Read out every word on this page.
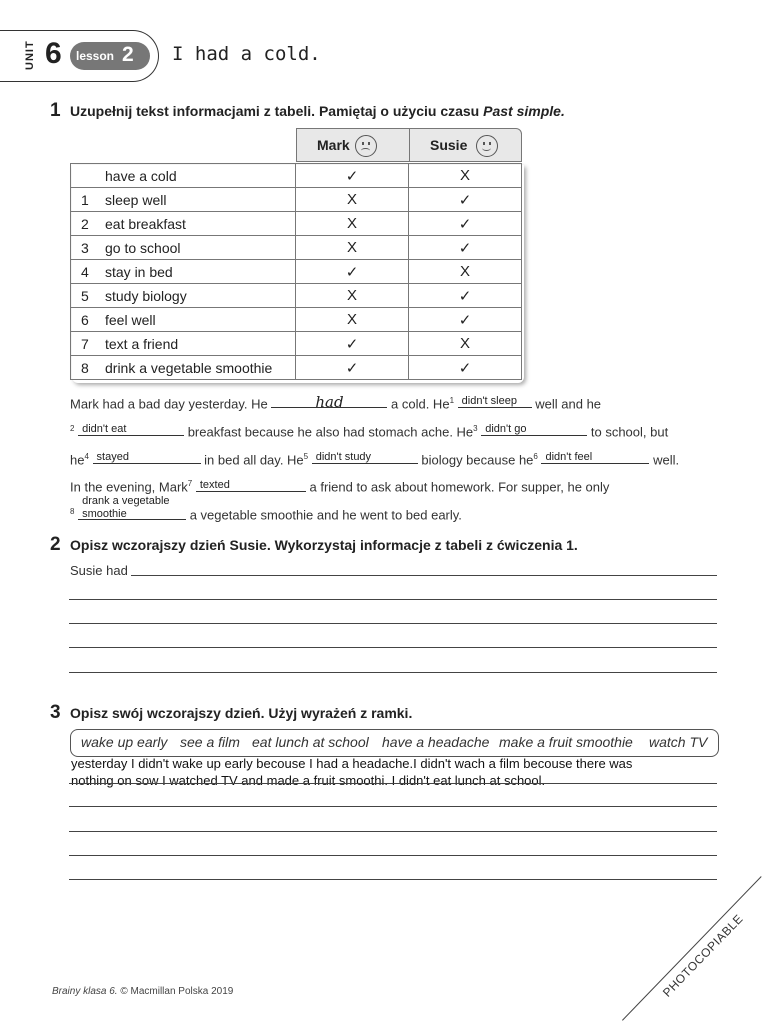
UNIT 6 lesson 2 I had a cold.
1 Uzupełnij tekst informacjami z tabeli. Pamiętaj o użyciu czasu Past simple.
Mark	Susie
	have a cold	✓	X
1	sleep well	X	✓
2	eat breakfast	X	✓
3	go to school	X	✓
4	stay in bed	✓	X
5	study biology	X	✓
6	feel well	X	✓
7	text a friend	✓	X
8	drink a vegetable smoothie	✓	✓
Mark had a bad day yesterday. He	had	a cold. He$^1$ didn't sleep well and he
$^2$ didn't eat	breakfast because he also had stomach ache. He$^3$ didn't go	to school, but
$he^4$ stayed	in bed all day. He$^5$ didn't study	biology because $he^6$ didn't feel	well.
In the evening, Mark$^7$ texted	a friend to ask about homework. For supper, he only
$^8$
drank a vegetable
smoothie	a vegetable smoothie and he went to bed early.
2 Opisz wczorajszy dzień Susie. Wykorzystaj informacje z tabeli z ćwiczenia 1.
Susie had
3 Opisz swój wczorajszy dzień. Użyj wyrażeń z ramki.
wake up early see a film eat lunch at school have a headache make a fruit smoothie watch TV
yesterday I didn't wake up early becouse I had a headache.I didn't wach a film becouse there was
nothing on sow I watched TV and made a fruit smoothi. I didn't eat lunch at school.
Brainy klasa 6. © Macmillan Polska 2019	PHOTOCOPIABLE
